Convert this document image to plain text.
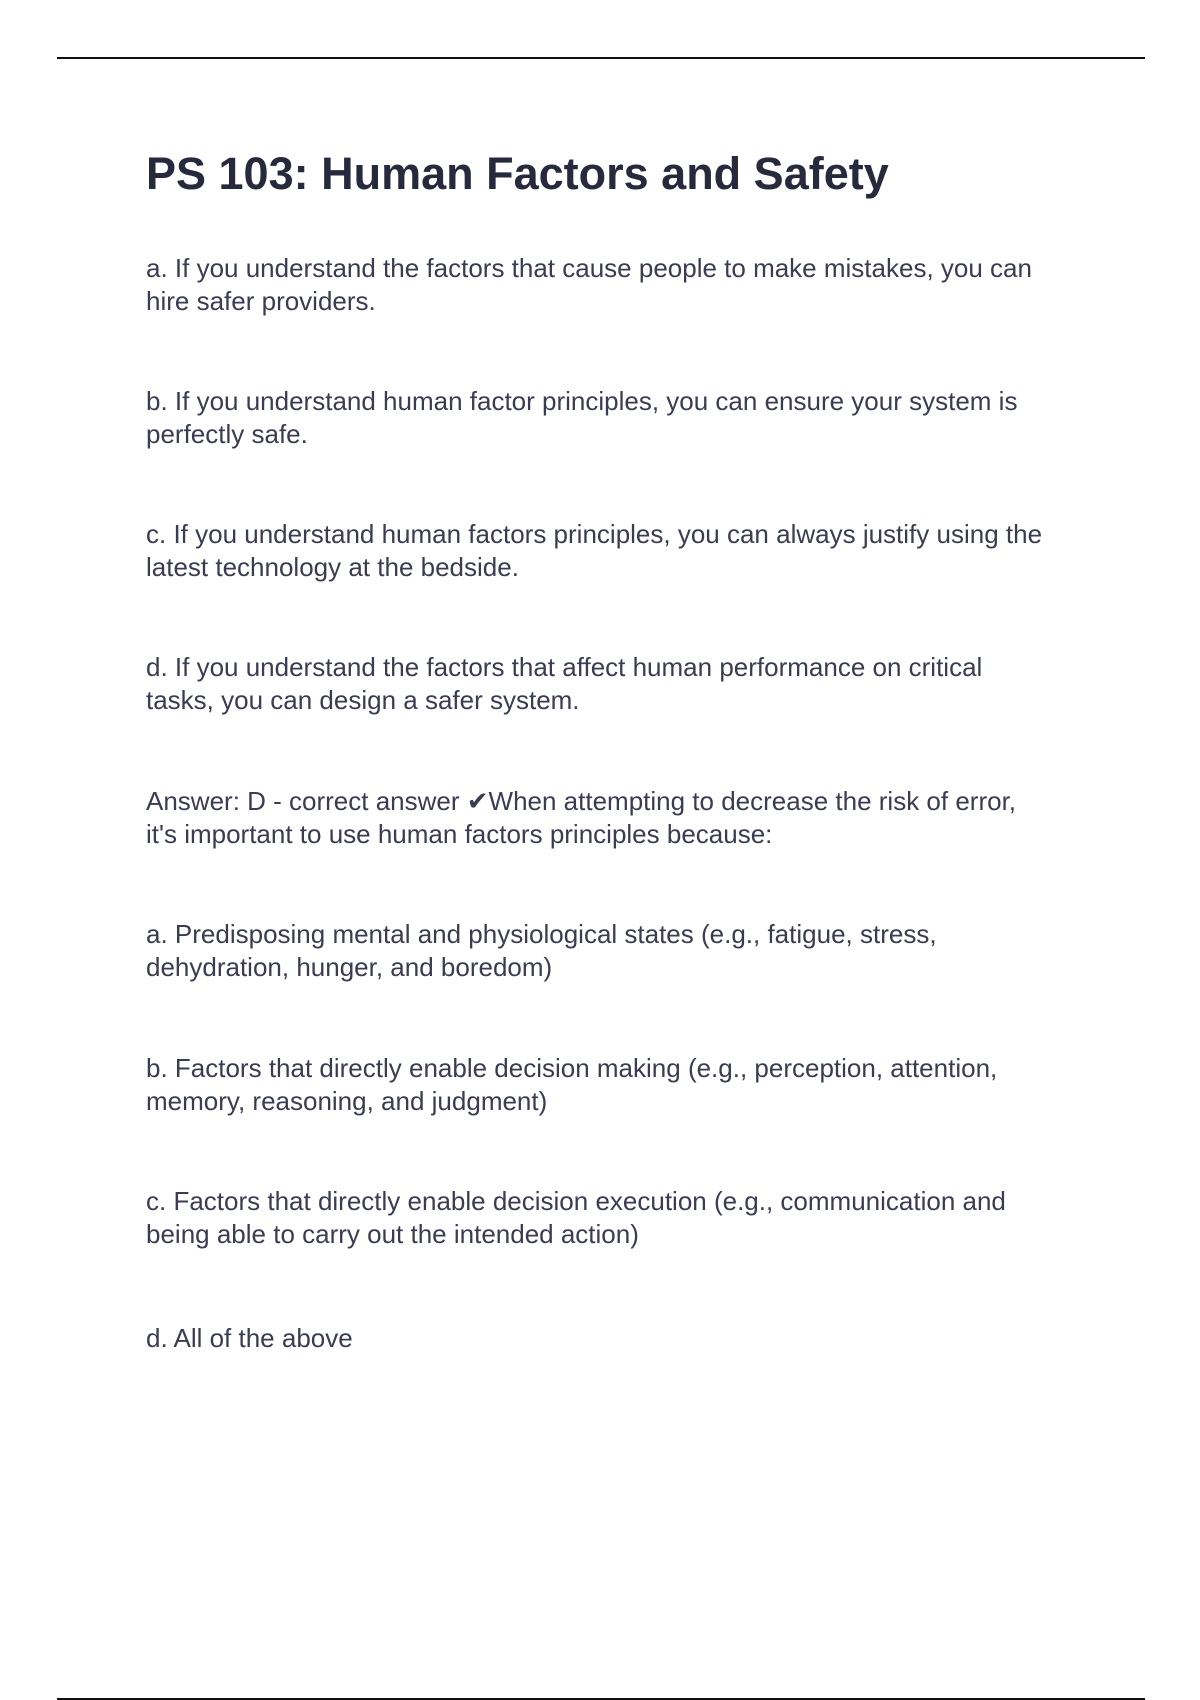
PS 103: Human Factors and Safety

a. If you understand the factors that cause people to make mistakes, you can
hire safer providers.

b. If you understand human factor principles, you can ensure your system is
perfectly safe.

c. If you understand human factors principles, you can always justify using the
latest technology at the bedside.

d. If you understand the factors that affect human performance on critical
tasks, you can design a safer system.

Answer: D - correct answer ✔When attempting to decrease the risk of error,
it's important to use human factors principles because:

a. Predisposing mental and physiological states (e.g., fatigue, stress,
dehydration, hunger, and boredom)

b. Factors that directly enable decision making (e.g., perception, attention,
memory, reasoning, and judgment)

c. Factors that directly enable decision execution (e.g., communication and
being able to carry out the intended action)

d. All of the above
